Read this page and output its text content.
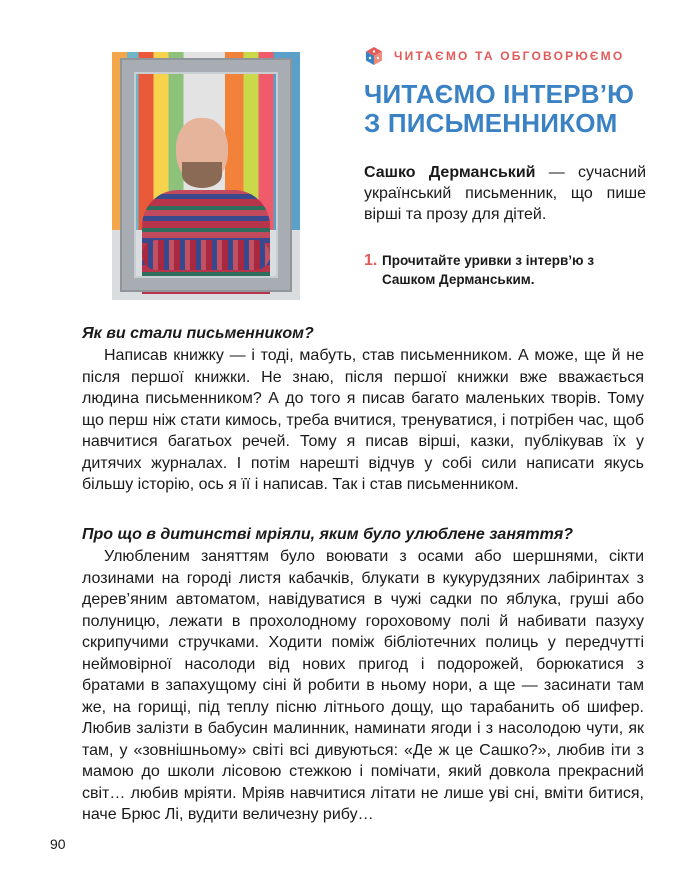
ЧИТАЄМО ТА ОБГОВОРЮЄМО
ЧИТАЄМО ІНТЕРВ’Ю
З ПИСЬМЕННИКОМ

Сашко Дерманський — сучасний український письменник, що пише вірші та прозу для дітей.

1. Прочитайте уривки з інтерв’ю з Сашком Дерманським.

Як ви стали письменником?

Написав книжку — і тоді, мабуть, став письменником. А може, ще й не після першої книжки. Не знаю, після першої книжки вже вважається людина письменником? А до того я писав багато маленьких творів. Тому що перш ніж стати кимось, треба вчитися, тренуватися, і потрібен час, щоб навчитися багатьох речей. Тому я писав вірші, казки, публікував їх у дитячих журналах. І потім нарешті відчув у собі сили написати якусь більшу історію, ось я її і написав. Так і став письменником.

Про що в дитинстві мріяли, яким було улюблене заняття?

Улюбленим заняттям було воювати з осами або шершнями, сікти лозинами на городі листя кабачків, блукати в кукурудзяних лабіринтах з дерев’яним автоматом, навідуватися в чужі садки по яблука, груші або полуницю, лежати в прохолодному гороховому полі й набивати пазуху скрипучими стручками. Ходити поміж бібліотечних полиць у передчутті неймовірної насолоди від нових пригод і подорожей, борюкатися з братами в запахущому сіні й робити в ньому нори, а ще — засинати там же, на горищі, під теплу пісню літнього дощу, що тарабанить об шифер. Любив залізти в бабусин малинник, наминати ягоди і з насолодою чути, як там, у «зовнішньому» світі всі дивуються: «Де ж це Сашко?», любив іти з мамою до школи лісовою стежкою і помічати, який довкола прекрасний світ… любив мріяти. Мріяв навчитися літати не лише уві сні, вміти битися, наче Брюс Лі, вудити величезну рибу…

90
